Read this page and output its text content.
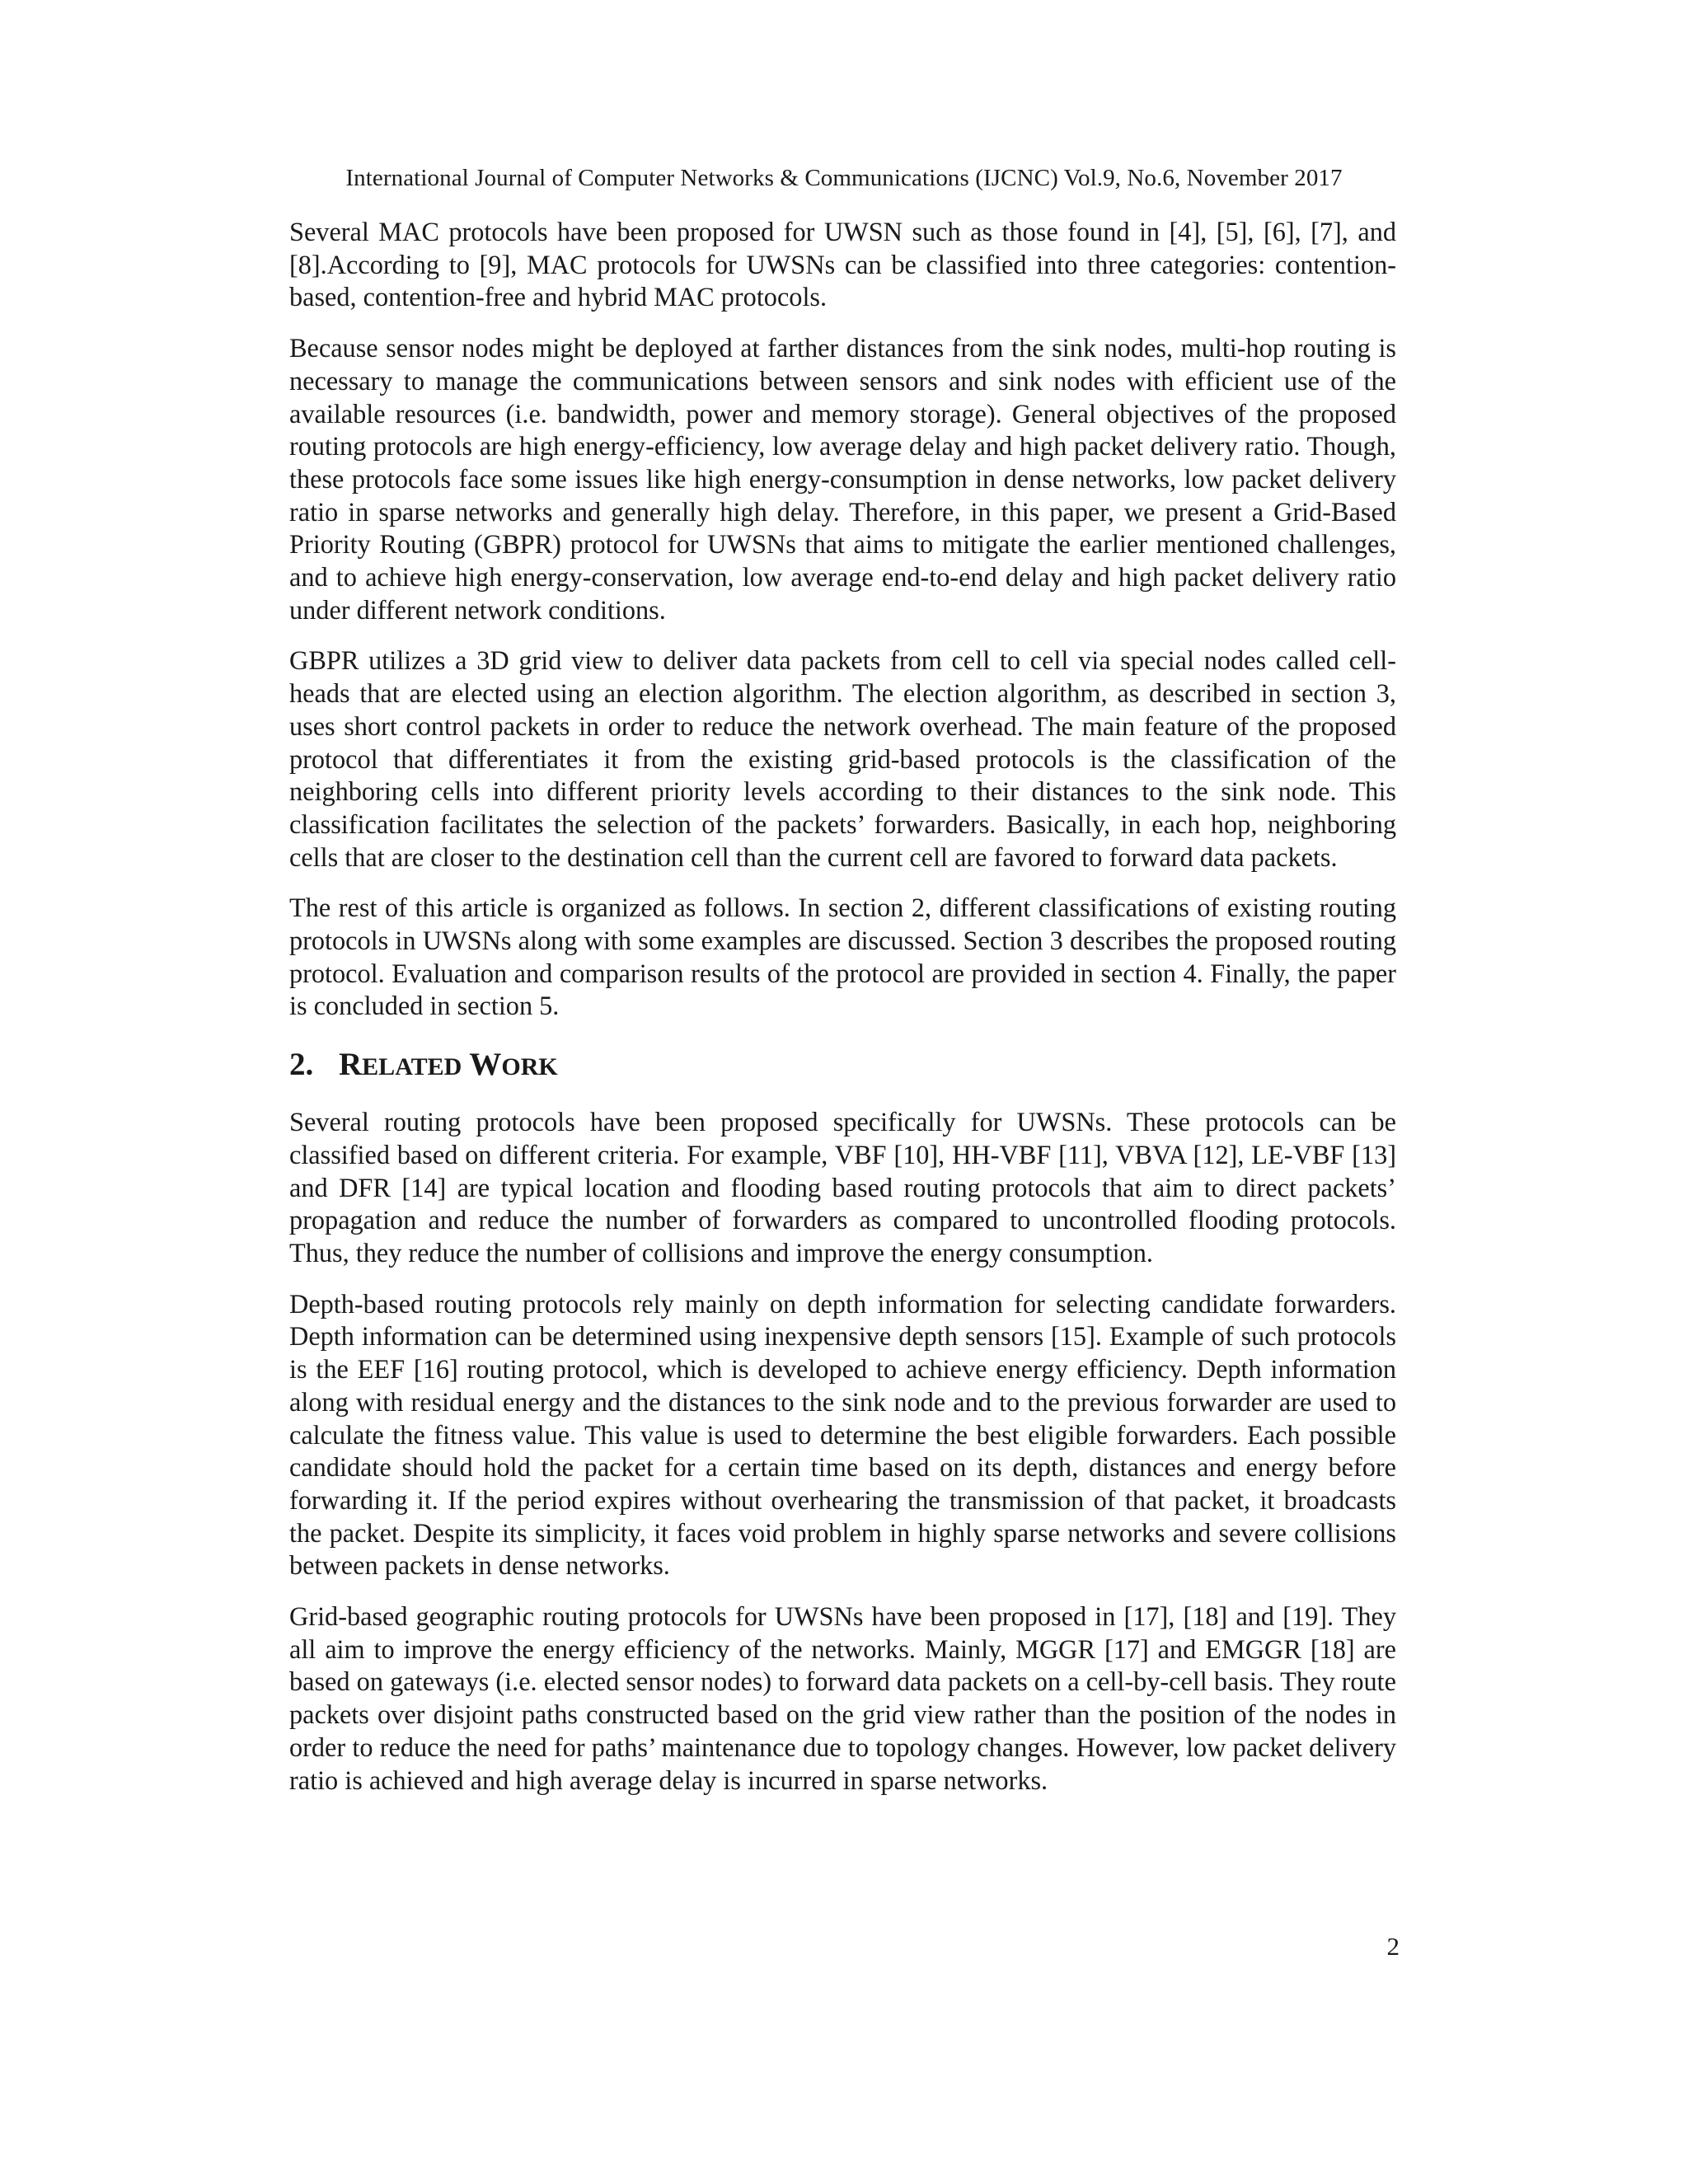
International Journal of Computer Networks & Communications (IJCNC) Vol.9, No.6, November 2017

Several MAC protocols have been proposed for UWSN such as those found in [4], [5], [6], [7], and [8].According to [9], MAC protocols for UWSNs can be classified into three categories: contention-based, contention-free and hybrid MAC protocols.

Because sensor nodes might be deployed at farther distances from the sink nodes, multi-hop routing is necessary to manage the communications between sensors and sink nodes with efficient use of the available resources (i.e. bandwidth, power and memory storage). General objectives of the proposed routing protocols are high energy-efficiency, low average delay and high packet delivery ratio. Though, these protocols face some issues like high energy-consumption in dense networks, low packet delivery ratio in sparse networks and generally high delay. Therefore, in this paper, we present a Grid-Based Priority Routing (GBPR) protocol for UWSNs that aims to mitigate the earlier mentioned challenges, and to achieve high energy-conservation, low average end-to-end delay and high packet delivery ratio under different network conditions.

GBPR utilizes a 3D grid view to deliver data packets from cell to cell via special nodes called cell-heads that are elected using an election algorithm. The election algorithm, as described in section 3, uses short control packets in order to reduce the network overhead. The main feature of the proposed protocol that differentiates it from the existing grid-based protocols is the classification of the neighboring cells into different priority levels according to their distances to the sink node. This classification facilitates the selection of the packets’ forwarders. Basically, in each hop, neighboring cells that are closer to the destination cell than the current cell are favored to forward data packets.

The rest of this article is organized as follows. In section 2, different classifications of existing routing protocols in UWSNs along with some examples are discussed. Section 3 describes the proposed routing protocol. Evaluation and comparison results of the protocol are provided in section 4. Finally, the paper is concluded in section 5.

2. RELATED WORK

Several routing protocols have been proposed specifically for UWSNs. These protocols can be classified based on different criteria. For example, VBF [10], HH-VBF [11], VBVA [12], LE-VBF [13] and DFR [14] are typical location and flooding based routing protocols that aim to direct packets’ propagation and reduce the number of forwarders as compared to uncontrolled flooding protocols. Thus, they reduce the number of collisions and improve the energy consumption.

Depth-based routing protocols rely mainly on depth information for selecting candidate forwarders. Depth information can be determined using inexpensive depth sensors [15]. Example of such protocols is the EEF [16] routing protocol, which is developed to achieve energy efficiency. Depth information along with residual energy and the distances to the sink node and to the previous forwarder are used to calculate the fitness value. This value is used to determine the best eligible forwarders. Each possible candidate should hold the packet for a certain time based on its depth, distances and energy before forwarding it. If the period expires without overhearing the transmission of that packet, it broadcasts the packet. Despite its simplicity, it faces void problem in highly sparse networks and severe collisions between packets in dense networks.

Grid-based geographic routing protocols for UWSNs have been proposed in [17], [18] and [19]. They all aim to improve the energy efficiency of the networks. Mainly, MGGR [17] and EMGGR [18] are based on gateways (i.e. elected sensor nodes) to forward data packets on a cell-by-cell basis. They route packets over disjoint paths constructed based on the grid view rather than the position of the nodes in order to reduce the need for paths’ maintenance due to topology changes. However, low packet delivery ratio is achieved and high average delay is incurred in sparse networks.

2
